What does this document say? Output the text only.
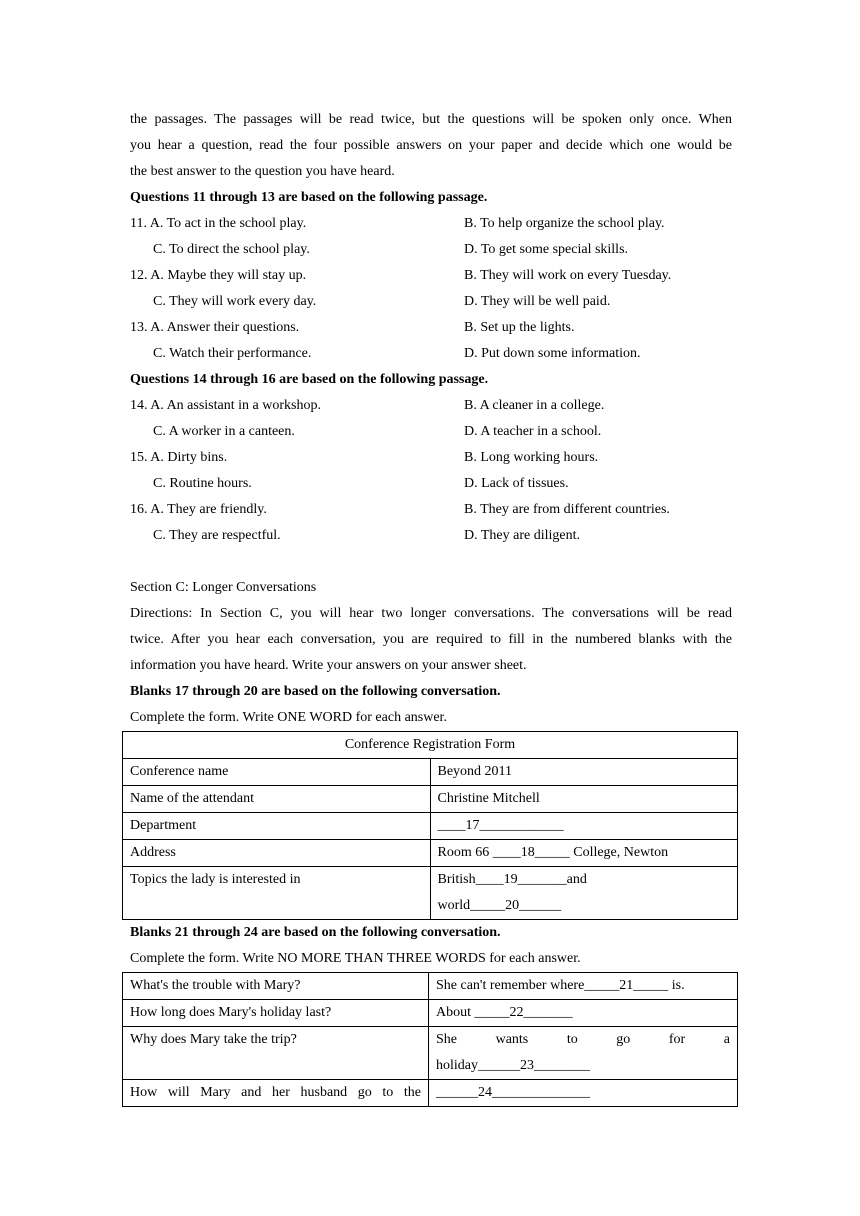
the passages. The passages will be read twice, but the questions will be spoken only once. When
you hear a question, read the four possible answers on your paper and decide which one would be
the best answer to the question you have heard.
Questions 11 through 13 are based on the following passage.
11. A. To act in the school play.	B. To help organize the school play.
C. To direct the school play.	D. To get some special skills.
12. A. Maybe they will stay up.	B. They will work on every Tuesday.
C. They will work every day.	D. They will be well paid.
13. A. Answer their questions.	B. Set up the lights.
C. Watch their performance.	D. Put down some information.
Questions 14 through 16 are based on the following passage.
14. A. An assistant in a workshop.	B. A cleaner in a college.
C. A worker in a canteen.	D. A teacher in a school.
15. A. Dirty bins.	B. Long working hours.
C. Routine hours.	D. Lack of tissues.
16. A. They are friendly.	B. They are from different countries.
C. They are respectful.	D. They are diligent.
Section C: Longer Conversations
Directions: In Section C, you will hear two longer conversations. The conversations will be read
twice. After you hear each conversation, you are required to fill in the numbered blanks with the
information you have heard. Write your answers on your answer sheet.
Blanks 17 through 20 are based on the following conversation.
Complete the form. Write ONE WORD for each answer.
Conference Registration Form	
Conference name	Beyond 2011
Name of the attendant	Christine Mitchell
Department	____17____________
Address	Room 66 ____18_____ College, Newton
Topics the lady is interested in	British____19_______and
world_____20______
Blanks 21 through 24 are based on the following conversation.
Complete the form. Write NO MORE THAN THREE WORDS for each answer.
What's the trouble with Mary?	She can't remember where_____21_____ is.
How long does Mary's holiday last?	About _____22_______
Why does Mary take the trip?	She wants to go for a
holiday______23________

How will Mary and her husband go to the	______24______________
